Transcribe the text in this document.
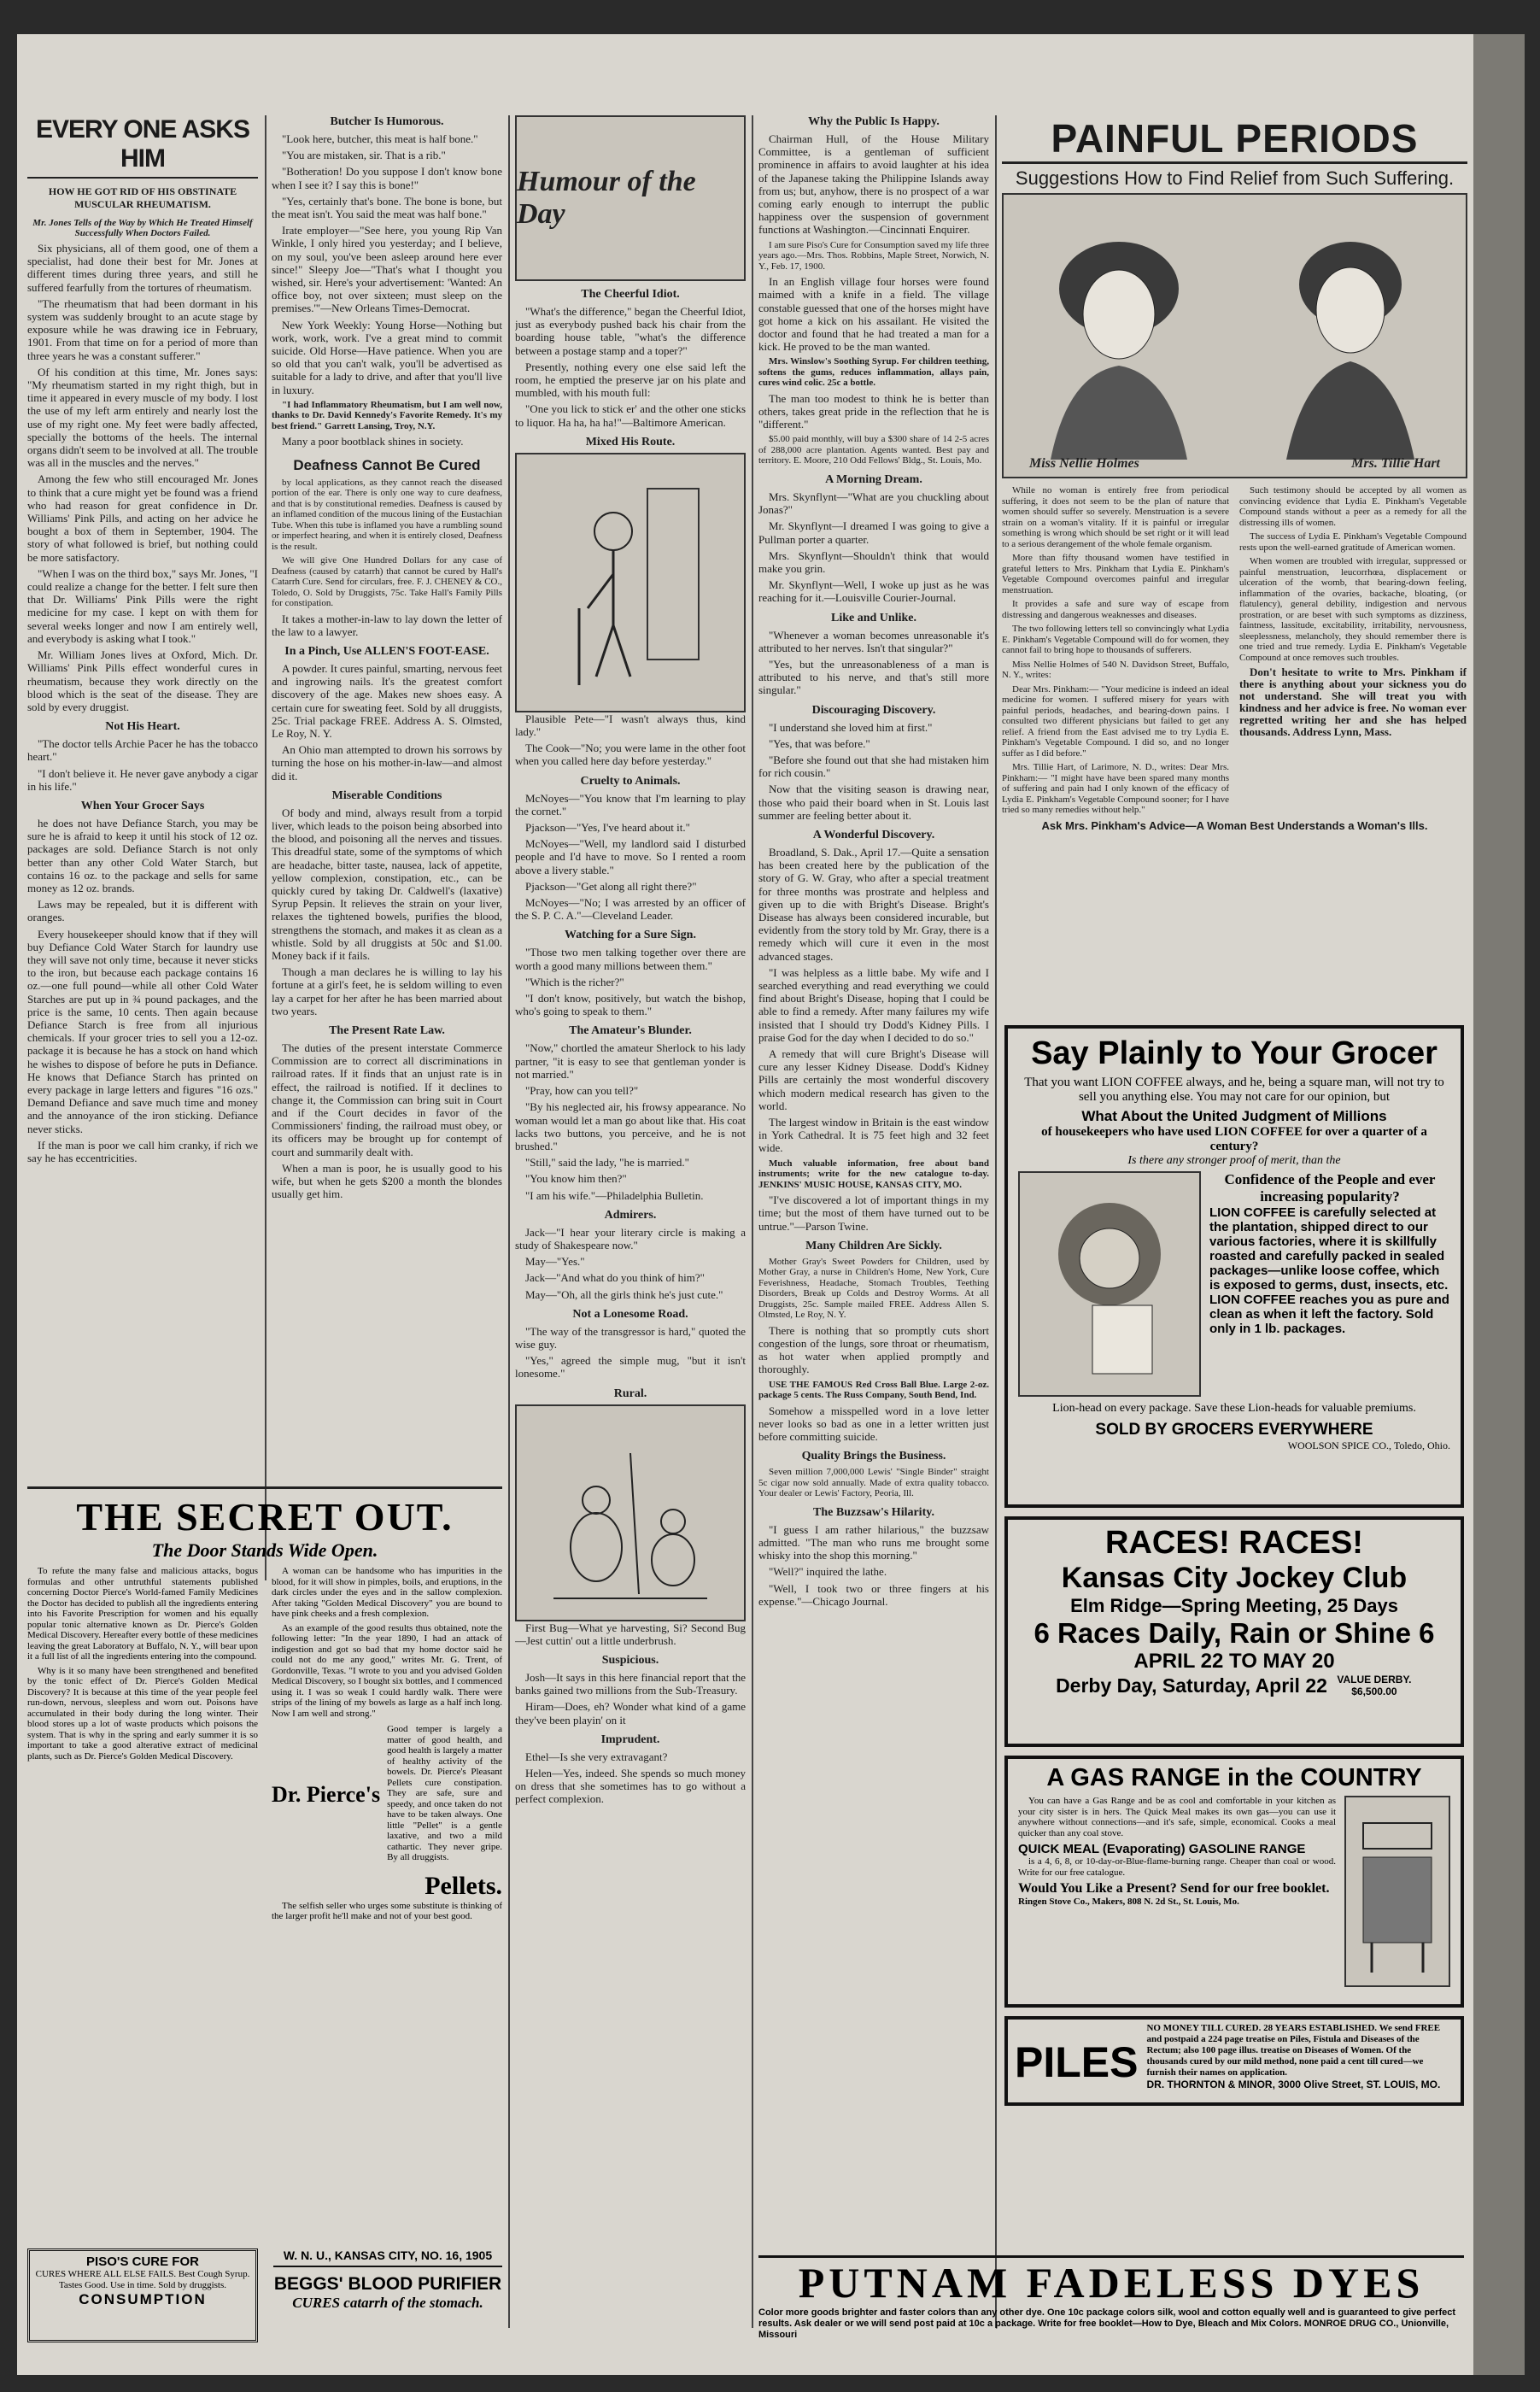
EVERY ONE ASKS HIM
HOW HE GOT RID OF HIS OBSTINATE MUSCULAR RHEUMATISM.
Mr. Jones Tells of the Way by Which He Treated Himself Successfully When Doctors Failed.

Six physicians, all of them good, one of them a specialist, had done their best for Mr. Jones at different times during three years, and still he suffered fearfully from the tortures of rheumatism.

"The rheumatism that had been dormant in his system was suddenly brought to an acute stage by exposure while he was drawing ice in February, 1901. From that time on for a period of more than three years he was a constant sufferer."

Of his condition at this time, Mr. Jones says: "My rheumatism started in my right thigh, but in time it appeared in every muscle of my body. I lost the use of my left arm entirely and nearly lost the use of my right one. My feet were badly affected, specially the bottoms of the heels. The internal organs didn't seem to be involved at all. The trouble was all in the muscles and the nerves."

Among the few who still encouraged Mr. Jones to think that a cure might yet be found was a friend who had reason for great confidence in Dr. Williams' Pink Pills, and acting on her advice he bought a box of them in September, 1904. The story of what followed is brief, but nothing could be more satisfactory.

"When I was on the third box," says Mr. Jones, "I could realize a change for the better. I felt sure then that Dr. Williams' Pink Pills were the right medicine for my case. I kept on with them for several weeks longer and now I am entirely well, and everybody is asking what I took."

Mr. William Jones lives at Oxford, Mich. Dr. Williams' Pink Pills effect wonderful cures in rheumatism, because they work directly on the blood which is the seat of the disease. They are sold by every druggist.

Not His Heart.

"The doctor tells Archie Pacer he has the tobacco heart."

"I don't believe it. He never gave anybody a cigar in his life."

When Your Grocer Says

he does not have Defiance Starch, you may be sure he is afraid to keep it until his stock of 12 oz. packages are sold. Defiance Starch is not only better than any other Cold Water Starch, but contains 16 oz. to the package and sells for same money as 12 oz. brands.

Laws may be repealed, but it is different with oranges.

Every housekeeper should know that if they will buy Defiance Cold Water Starch for laundry use they will save not only time, because it never sticks to the iron, but because each package contains 16 oz.—one full pound—while all other Cold Water Starches are put up in ¾ pound packages, and the price is the same, 10 cents. Then again because Defiance Starch is free from all injurious chemicals. If your grocer tries to sell you a 12-oz. package it is because he has a stock on hand which he wishes to dispose of before he puts in Defiance. He knows that Defiance Starch has printed on every package in large letters and figures "16 ozs." Demand Defiance and save much time and money and the annoyance of the iron sticking. Defiance never sticks.

If the man is poor we call him cranky, if rich we say he has eccentricities.

Butcher Is Humorous.

"Look here, butcher, this meat is half bone."

"You are mistaken, sir. That is a rib."

"Botheration! Do you suppose I don't know bone when I see it? I say this is bone!"

"Yes, certainly that's bone. The bone is bone, but the meat isn't. You said the meat was half bone."

Irate employer—"See here, you young Rip Van Winkle, I only hired you yesterday; and I believe, on my soul, you've been asleep around here ever since!" Sleepy Joe—"That's what I thought you wished, sir. Here's your advertisement: 'Wanted: An office boy, not over sixteen; must sleep on the premises.'"—New Orleans Times-Democrat.

New York Weekly: Young Horse—Nothing but work, work, work. I've a great mind to commit suicide. Old Horse—Have patience. When you are so old that you can't walk, you'll be advertised as suitable for a lady to drive, and after that you'll live in luxury.

"I had Inflammatory Rheumatism, but I am well now, thanks to Dr. David Kennedy's Favorite Remedy. It's my best friend." Garrett Lansing, Troy, N.Y.

Many a poor bootblack shines in society.

Deafness Cannot Be Cured

by local applications, as they cannot reach the diseased portion of the ear. There is only one way to cure deafness, and that is by constitutional remedies. Deafness is caused by an inflamed condition of the mucous lining of the Eustachian Tube. When this tube is inflamed you have a rumbling sound or imperfect hearing, and when it is entirely closed, Deafness is the result.

We will give One Hundred Dollars for any case of Deafness (caused by catarrh) that cannot be cured by Hall's Catarrh Cure. Send for circulars, free. F. J. CHENEY & CO., Toledo, O. Sold by Druggists, 75c. Take Hall's Family Pills for constipation.

It takes a mother-in-law to lay down the letter of the law to a lawyer.

In a Pinch, Use ALLEN'S FOOT-EASE.

A powder. It cures painful, smarting, nervous feet and ingrowing nails. It's the greatest comfort discovery of the age. Makes new shoes easy. A certain cure for sweating feet. Sold by all druggists, 25c. Trial package FREE. Address A. S. Olmsted, Le Roy, N. Y.

An Ohio man attempted to drown his sorrows by turning the hose on his mother-in-law—and almost did it.

Miserable Conditions

Of body and mind, always result from a torpid liver, which leads to the poison being absorbed into the blood, and poisoning all the nerves and tissues. This dreadful state, some of the symptoms of which are headache, bitter taste, nausea, lack of appetite, yellow complexion, constipation, etc., can be quickly cured by taking Dr. Caldwell's (laxative) Syrup Pepsin. It relieves the strain on your liver, relaxes the tightened bowels, purifies the blood, strengthens the stomach, and makes it as clean as a whistle. Sold by all druggists at 50c and $1.00. Money back if it fails.

Though a man declares he is willing to lay his fortune at a girl's feet, he is seldom willing to even lay a carpet for her after he has been married about two years.

The Present Rate Law.

The duties of the present interstate Commerce Commission are to correct all discriminations in railroad rates. If it finds that an unjust rate is in effect, the railroad is notified. If it declines to change it, the Commission can bring suit in Court and if the Court decides in favor of the Commissioners' finding, the railroad must obey, or its officers may be brought up for contempt of court and summarily dealt with.

When a man is poor, he is usually good to his wife, but when he gets $200 a month the blondes usually get him.

THE SECRET OUT.
The Door Stands Wide Open.

To refute the many false and malicious attacks, bogus formulas and other untruthful statements published concerning Doctor Pierce's World-famed Family Medicines the Doctor has decided to publish all the ingredients entering into his Favorite Prescription for women and his equally popular tonic alternative known as Dr. Pierce's Golden Medical Discovery. Hereafter every bottle of these medicines leaving the great Laboratory at Buffalo, N. Y., will bear upon it a full list of all the ingredients entering into the compound.

Why is it so many have been strengthened and benefited by the tonic effect of Dr. Pierce's Golden Medical Discovery? It is because at this time of the year people feel run-down, nervous, sleepless and worn out. Poisons have accumulated in their body during the long winter. Their blood stores up a lot of waste products which poisons the system. That is why in the spring and early summer it is so important to take a good alterative extract of medicinal plants, such as Dr. Pierce's Golden Medical Discovery.

A woman can be handsome who has impurities in the blood, for it will show in pimples, boils, and eruptions, in the dark circles under the eyes and in the sallow complexion. After taking "Golden Medical Discovery" you are bound to have pink cheeks and a fresh complexion.

As an example of the good results thus obtained, note the following letter: "In the year 1890, I had an attack of indigestion and got so bad that my home doctor said he could not do me any good," writes Mr. G. Trent, of Gordonville, Texas. "I wrote to you and you advised Golden Medical Discovery, so I bought six bottles, and I commenced using it. I was so weak I could hardly walk. There were strips of the lining of my bowels as large as a half inch long. Now I am well and strong."

Dr. Pierce's

Good temper is largely a matter of good health, and good health is largely a matter of healthy activity of the bowels. Dr. Pierce's Pleasant Pellets cure constipation. They are safe, sure and speedy, and once taken do not have to be taken always. One little "Pellet" is a gentle laxative, and two a mild cathartic. They never gripe. By all druggists.

Pellets.

The selfish seller who urges some substitute is thinking of the larger profit he'll make and not of your best good.

PISO'S CURE FOR
CURES WHERE ALL ELSE FAILS. Best Cough Syrup. Tastes Good. Use in time. Sold by druggists.
CONSUMPTION
W. N. U., KANSAS CITY, NO. 16, 1905
BEGGS' BLOOD PURIFIER
CURES catarrh of the stomach.
Humour of the Day
The Cheerful Idiot.

"What's the difference," began the Cheerful Idiot, just as everybody pushed back his chair from the boarding house table, "what's the difference between a postage stamp and a toper?"

Presently, nothing every one else said left the room, he emptied the preserve jar on his plate and mumbled, with his mouth full:

"One you lick to stick er' and the other one sticks to liquor. Ha ha, ha ha!"—Baltimore American.

Mixed His Route.

Plausible Pete—"I wasn't always thus, kind lady."

The Cook—"No; you were lame in the other foot when you called here day before yesterday."

Cruelty to Animals.

McNoyes—"You know that I'm learning to play the cornet."

Pjackson—"Yes, I've heard about it."

McNoyes—"Well, my landlord said I disturbed people and I'd have to move. So I rented a room above a livery stable."

Pjackson—"Get along all right there?"

McNoyes—"No; I was arrested by an officer of the S. P. C. A."—Cleveland Leader.

Watching for a Sure Sign.

"Those two men talking together over there are worth a good many millions between them."

"Which is the richer?"

"I don't know, positively, but watch the bishop, who's going to speak to them."

The Amateur's Blunder.

"Now," chortled the amateur Sherlock to his lady partner, "it is easy to see that gentleman yonder is not married."

"Pray, how can you tell?"

"By his neglected air, his frowsy appearance. No woman would let a man go about like that. His coat lacks two buttons, you perceive, and he is not brushed."

"Still," said the lady, "he is married."

"You know him then?"

"I am his wife."—Philadelphia Bulletin.

Admirers.

Jack—"I hear your literary circle is making a study of Shakespeare now."

May—"Yes."

Jack—"And what do you think of him?"

May—"Oh, all the girls think he's just cute."

Not a Lonesome Road.

"The way of the transgressor is hard," quoted the wise guy.

"Yes," agreed the simple mug, "but it isn't lonesome."

Rural.

First Bug—What ye harvesting, Si? Second Bug—Jest cuttin' out a little underbrush.

Suspicious.

Josh—It says in this here financial report that the banks gained two millions from the Sub-Treasury.

Hiram—Does, eh? Wonder what kind of a game they've been playin' on it

Imprudent.

Ethel—Is she very extravagant?

Helen—Yes, indeed. She spends so much money on dress that she sometimes has to go without a perfect complexion.

Why the Public Is Happy.

Chairman Hull, of the House Military Committee, is a gentleman of sufficient prominence in affairs to avoid laughter at his idea of the Japanese taking the Philippine Islands away from us; but, anyhow, there is no prospect of a war coming early enough to interrupt the public happiness over the suspension of government functions at Washington.—Cincinnati Enquirer.

I am sure Piso's Cure for Consumption saved my life three years ago.—Mrs. Thos. Robbins, Maple Street, Norwich, N. Y., Feb. 17, 1900.

In an English village four horses were found maimed with a knife in a field. The village constable guessed that one of the horses might have got home a kick on his assailant. He visited the doctor and found that he had treated a man for a kick. He proved to be the man wanted.

Mrs. Winslow's Soothing Syrup. For children teething, softens the gums, reduces inflammation, allays pain, cures wind colic. 25c a bottle.

The man too modest to think he is better than others, takes great pride in the reflection that he is "different."

$5.00 paid monthly, will buy a $300 share of 14 2-5 acres of 288,000 acre plantation. Agents wanted. Best pay and territory. E. Moore, 210 Odd Fellows' Bldg., St. Louis, Mo.

A Morning Dream.

Mrs. Skynflynt—"What are you chuckling about Jonas?"

Mr. Skynflynt—I dreamed I was going to give a Pullman porter a quarter.

Mrs. Skynflynt—Shouldn't think that would make you grin.

Mr. Skynflynt—Well, I woke up just as he was reaching for it.—Louisville Courier-Journal.

Like and Unlike.

"Whenever a woman becomes unreasonable it's attributed to her nerves. Isn't that singular?"

"Yes, but the unreasonableness of a man is attributed to his nerve, and that's still more singular."

Discouraging Discovery.

"I understand she loved him at first."

"Yes, that was before."

"Before she found out that she had mistaken him for rich cousin."

Now that the visiting season is drawing near, those who paid their board when in St. Louis last summer are feeling better about it.

A Wonderful Discovery.

Broadland, S. Dak., April 17.—Quite a sensation has been created here by the publication of the story of G. W. Gray, who after a special treatment for three months was prostrate and helpless and given up to die with Bright's Disease. Bright's Disease has always been considered incurable, but evidently from the story told by Mr. Gray, there is a remedy which will cure it even in the most advanced stages.

"I was helpless as a little babe. My wife and I searched everything and read everything we could find about Bright's Disease, hoping that I could be able to find a remedy. After many failures my wife insisted that I should try Dodd's Kidney Pills. I praise God for the day when I decided to do so."

A remedy that will cure Bright's Disease will cure any lesser Kidney Disease. Dodd's Kidney Pills are certainly the most wonderful discovery which modern medical research has given to the world.

The largest window in Britain is the east window in York Cathedral. It is 75 feet high and 32 feet wide.

Much valuable information, free about band instruments; write for the new catalogue to-day. JENKINS' MUSIC HOUSE, KANSAS CITY, MO.

"I've discovered a lot of important things in my time; but the most of them have turned out to be untrue."—Parson Twine.

Many Children Are Sickly.

Mother Gray's Sweet Powders for Children, used by Mother Gray, a nurse in Children's Home, New York, Cure Feverishness, Headache, Stomach Troubles, Teething Disorders, Break up Colds and Destroy Worms. At all Druggists, 25c. Sample mailed FREE. Address Allen S. Olmsted, Le Roy, N. Y.

There is nothing that so promptly cuts short congestion of the lungs, sore throat or rheumatism, as hot water when applied promptly and thoroughly.

USE THE FAMOUS Red Cross Ball Blue. Large 2-oz. package 5 cents. The Russ Company, South Bend, Ind.

Somehow a misspelled word in a love letter never looks so bad as one in a letter written just before committing suicide.

Quality Brings the Business.

Seven million 7,000,000 Lewis' "Single Binder" straight 5c cigar now sold annually. Made of extra quality tobacco. Your dealer or Lewis' Factory, Peoria, Ill.

The Buzzsaw's Hilarity.

"I guess I am rather hilarious," the buzzsaw admitted. "The man who runs me brought some whisky into the shop this morning."

"Well?" inquired the lathe.

"Well, I took two or three fingers at his expense."—Chicago Journal.

PAINFUL PERIODS
Suggestions How to Find Relief from Such Suffering.
Miss Nellie Holmes	Mrs. Tillie Hart

While no woman is entirely free from periodical suffering, it does not seem to be the plan of nature that women should suffer so severely. Menstruation is a severe strain on a woman's vitality. If it is painful or irregular something is wrong which should be set right or it will lead to a serious derangement of the whole female organism.

More than fifty thousand women have testified in grateful letters to Mrs. Pinkham that Lydia E. Pinkham's Vegetable Compound overcomes painful and irregular menstruation.

It provides a safe and sure way of escape from distressing and dangerous weaknesses and diseases.

The two following letters tell so convincingly what Lydia E. Pinkham's Vegetable Compound will do for women, they cannot fail to bring hope to thousands of sufferers.

Miss Nellie Holmes of 540 N. Davidson Street, Buffalo, N. Y., writes:

Dear Mrs. Pinkham:— "Your medicine is indeed an ideal medicine for women. I suffered misery for years with painful periods, headaches, and bearing-down pains. I consulted two different physicians but failed to get any relief. A friend from the East advised me to try Lydia E. Pinkham's Vegetable Compound. I did so, and no longer suffer as I did before."

Mrs. Tillie Hart, of Larimore, N. D., writes: Dear Mrs. Pinkham:— "I might have have been spared many months of suffering and pain had I only known of the efficacy of Lydia E. Pinkham's Vegetable Compound sooner; for I have tried so many remedies without help."

Such testimony should be accepted by all women as convincing evidence that Lydia E. Pinkham's Vegetable Compound stands without a peer as a remedy for all the distressing ills of women.

The success of Lydia E. Pinkham's Vegetable Compound rests upon the well-earned gratitude of American women.

When women are troubled with irregular, suppressed or painful menstruation, leucorrhœa, displacement or ulceration of the womb, that bearing-down feeling, inflammation of the ovaries, backache, bloating, (or flatulency), general debility, indigestion and nervous prostration, or are beset with such symptoms as dizziness, faintness, lassitude, excitability, irritability, nervousness, sleeplessness, melancholy, they should remember there is one tried and true remedy. Lydia E. Pinkham's Vegetable Compound at once removes such troubles.

Don't hesitate to write to Mrs. Pinkham if there is anything about your sickness you do not understand. She will treat you with kindness and her advice is free. No woman ever regretted writing her and she has helped thousands. Address Lynn, Mass.

Ask Mrs. Pinkham's Advice—A Woman Best Understands a Woman's Ills.
Say Plainly to Your Grocer
That you want LION COFFEE always, and he, being a square man, will not try to sell you anything else. You may not care for our opinion, but
What About the United Judgment of Millions
of housekeepers who have used LION COFFEE for over a quarter of a century?
Is there any stronger proof of merit, than the
Confidence of the People and ever increasing popularity?
LION COFFEE is carefully selected at the plantation, shipped direct to our various factories, where it is skillfully roasted and carefully packed in sealed packages—unlike loose coffee, which is exposed to germs, dust, insects, etc. LION COFFEE reaches you as pure and clean as when it left the factory. Sold only in 1 lb. packages.
Lion-head on every package. Save these Lion-heads for valuable premiums.
SOLD BY GROCERS EVERYWHERE
WOOLSON SPICE CO., Toledo, Ohio.
RACES! RACES!
Kansas City Jockey Club
Elm Ridge—Spring Meeting, 25 Days
6 Races Daily, Rain or Shine 6
APRIL 22 TO MAY 20
Derby Day, Saturday, April 22 VALUE DERBY. $6,500.00
A GAS RANGE in the COUNTRY

You can have a Gas Range and be as cool and comfortable in your kitchen as your city sister is in hers. The Quick Meal makes its own gas—you can use it anywhere without connections—and it's safe, simple, economical. Cooks a meal quicker than any coal stove.

QUICK MEAL (Evaporating) GASOLINE RANGE

is a 4, 6, 8, or 10-day-or-Blue-flame-burning range. Cheaper than coal or wood. Write for our free catalogue.

Would You Like a Present? Send for our free booklet.
Ringen Stove Co., Makers, 808 N. 2d St., St. Louis, Mo.
PILES
NO MONEY TILL CURED. 28 YEARS ESTABLISHED. We send FREE and postpaid a 224 page treatise on Piles, Fistula and Diseases of the Rectum; also 100 page illus. treatise on Diseases of Women. Of the thousands cured by our mild method, none paid a cent till cured—we furnish their names on application.
DR. THORNTON & MINOR, 3000 Olive Street, ST. LOUIS, MO.
PUTNAM FADELESS DYES
Color more goods brighter and faster colors than any other dye. One 10c package colors silk, wool and cotton equally well and is guaranteed to give perfect results. Ask dealer or we will send post paid at 10c a package. Write for free booklet—How to Dye, Bleach and Mix Colors. MONROE DRUG CO., Unionville, Missouri
